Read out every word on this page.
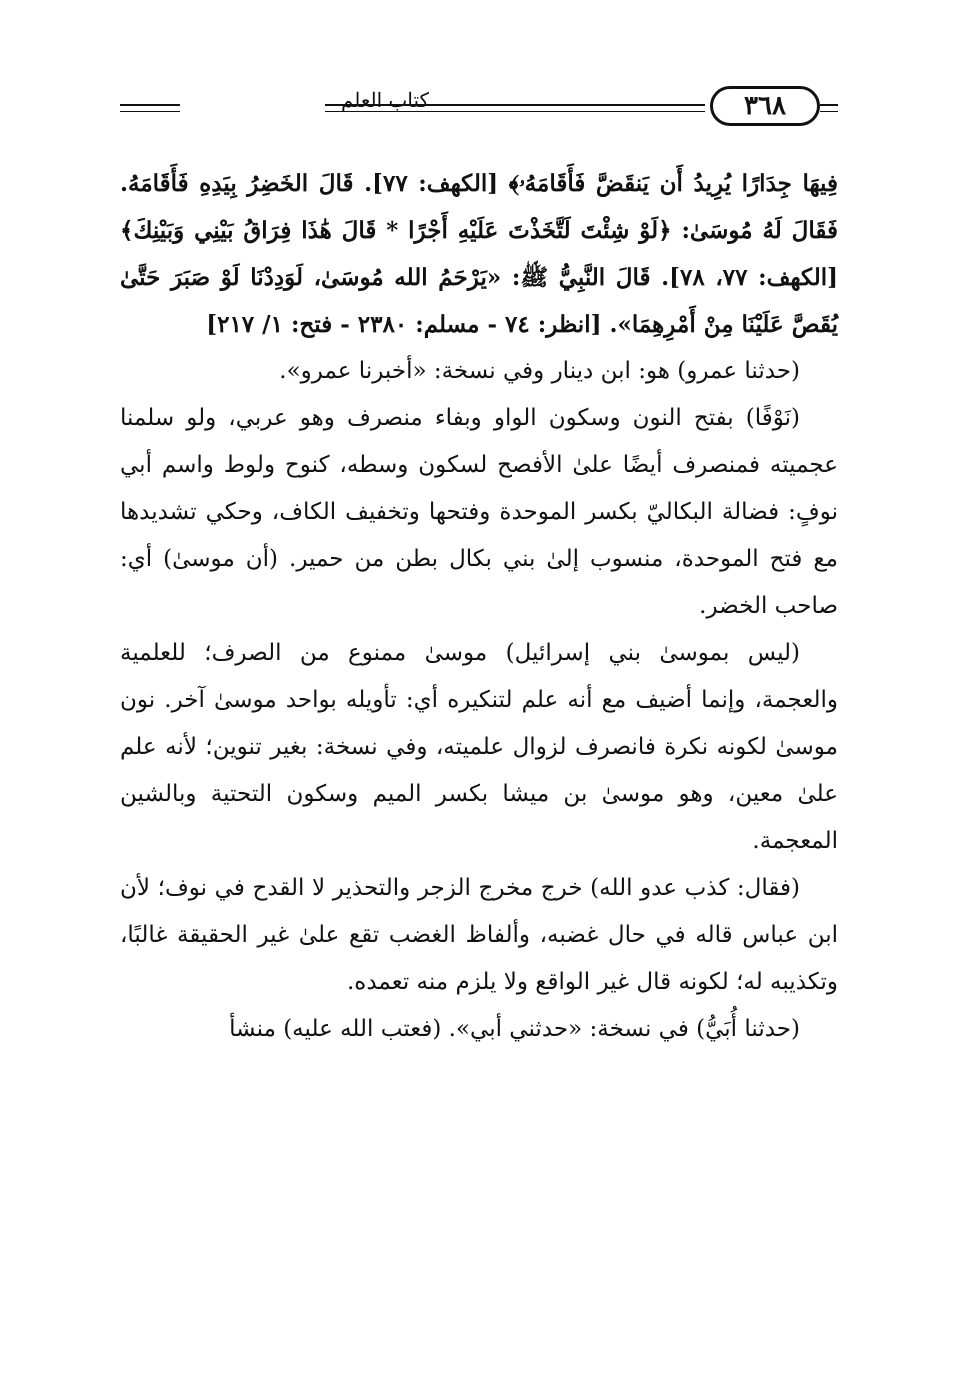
كتاب العلم	٣٦٨

فِيهَا جِدَارًا يُرِيدُ أَن يَنقَضَّ فَأَقَامَهُۥ﴾ [الكهف: ٧٧]. قَالَ الخَضِرُ بِيَدِهِ فَأَقَامَهُ. فَقَالَ لَهُ مُوسَىٰ: ﴿لَوْ شِئْتَ لَتَّخَذْتَ عَلَيْهِ أَجْرًا * قَالَ هَٰذَا فِرَاقُ بَيْنِي وَبَيْنِكَ﴾ [الكهف: ٧٧، ٧٨]. قَالَ النَّبِيُّ ﷺ: «يَرْحَمُ الله مُوسَىٰ، لَوَدِدْنَا لَوْ صَبَرَ حَتَّىٰ يُقَصَّ عَلَيْنَا مِنْ أَمْرِهِمَا». [انظر: ٧٤ - مسلم: ٢٣٨٠ - فتح: ١/ ٢١٧]

(حدثنا عمرو) هو: ابن دينار وفي نسخة: «أخبرنا عمرو».

(نَوْفًا) بفتح النون وسكون الواو وبفاء منصرف وهو عربي، ولو سلمنا عجميته فمنصرف أيضًا علىٰ الأفصح لسكون وسطه، كنوح ولوط واسم أبي نوفٍ: فضالة البكاليّ بكسر الموحدة وفتحها وتخفيف الكاف، وحكي تشديدها مع فتح الموحدة، منسوب إلىٰ بني بكال بطن من حمير. (أن موسىٰ) أي: صاحب الخضر.

(ليس بموسىٰ بني إسرائيل) موسىٰ ممنوع من الصرف؛ للعلمية والعجمة، وإنما أضيف مع أنه علم لتنكيره أي: تأويله بواحد موسىٰ آخر. نون موسىٰ لكونه نكرة فانصرف لزوال علميته، وفي نسخة: بغير تنوين؛ لأنه علم علىٰ معين، وهو موسىٰ بن ميشا بكسر الميم وسكون التحتية وبالشين المعجمة.

(فقال: كذب عدو الله) خرج مخرج الزجر والتحذير لا القدح في نوف؛ لأن ابن عباس قاله في حال غضبه، وألفاظ الغضب تقع علىٰ غير الحقيقة غالبًا، وتكذيبه له؛ لكونه قال غير الواقع ولا يلزم منه تعمده.

(حدثنا أُبَيُّ) في نسخة: «حدثني أبي». (فعتب الله عليه) منشأ
